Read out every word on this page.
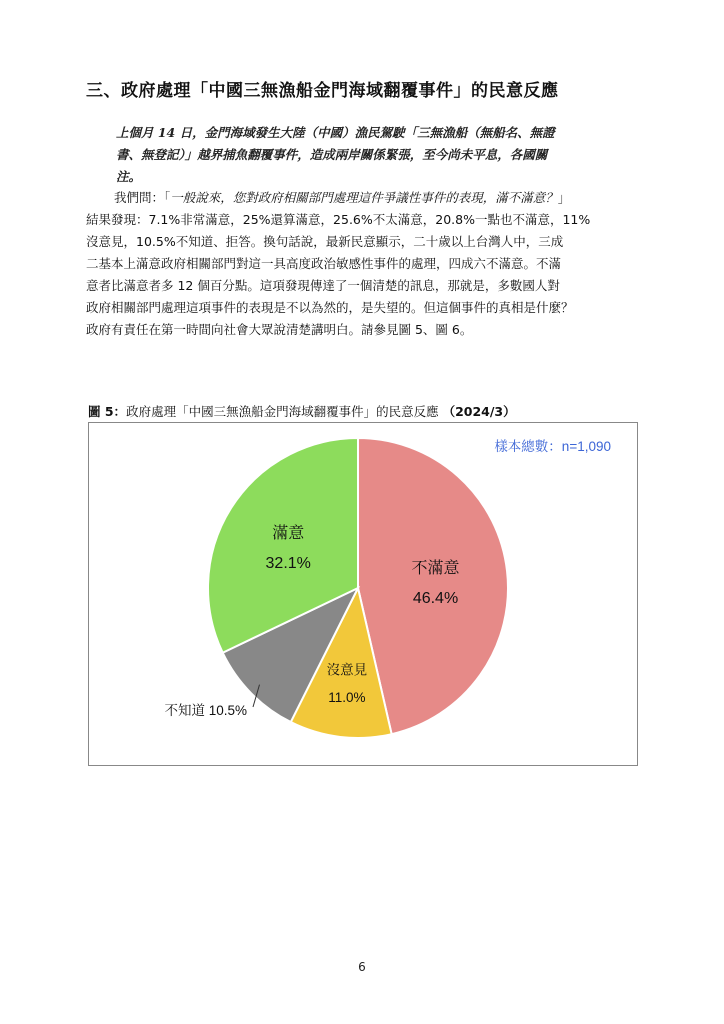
三、政府處理「中國三無漁船金門海域翻覆事件」的民意反應
上個月 14 日，金門海域發生大陸（中國）漁民駕駛「三無漁船（無船名、無證
書、無登記）」越界捕魚翻覆事件，造成兩岸關係緊張，至今尚未平息，各國關
注。

我們問：「一般說來，您對政府相關部門處理這件爭議性事件的表現，滿不滿意？」

結果發現：7.1%非常滿意，25%還算滿意，25.6%不太滿意，20.8%一點也不滿意，11%

沒意見，10.5%不知道、拒答。換句話說，最新民意顯示，二十歲以上台灣人中，三成

二基本上滿意政府相關部門對這一具高度政治敏感性事件的處理，四成六不滿意。不滿

意者比滿意者多 12 個百分點。這項發現傳達了一個清楚的訊息，那就是，多數國人對

政府相關部門處理這項事件的表現是不以為然的，是失望的。但這個事件的真相是什麼？

政府有責任在第一時間向社會大眾說清楚講明白。請參見圖 5、圖 6。

圖 5：政府處理「中國三無漁船金門海域翻覆事件」的民意反應 （2024/3）
不滿意
46.4%
沒意見
11.0%
不知道 10.5%
滿意
32.1%
樣本總數：n=1,090
6
